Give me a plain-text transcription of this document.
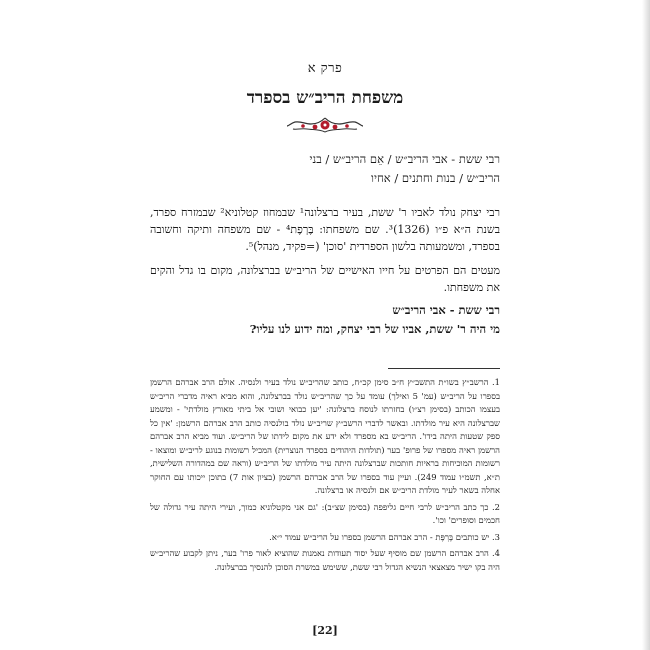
פרק א
משפחת הריב״ש בספרד
רבי ששת - אבי הריב״ש / אֵם הריב״ש / בני
הריב״ש / בנות וחתנים / אחיו
רבי יצחק נולד לאביו ר' ששת, בעיר ברצלונה¹ שבמחוז קטלוניא² שבמזרח ספרד, בשנת ה״א פ״ו (1326)³. שם משפחתו: בֶּרְפֶת⁴ - שם משפחה ותיקה וחשובה בספרד, ומשמעותה בלשון הספרדית 'סוכן' (=פקיד, מנהל)⁵.
מעטים הם הפרטים על חייו האישיים של הריב״ש בברצלונה, מקום בו גדל והקים את משפחתו.
רבי ששת - אבי הריב״ש
מי היה ר' ששת, אביו של רבי יצחק, ומה ידוע לנו עליו?

1. הרשב״ץ בשו״ת התשב״ץ ח״ב סימן קכ״ח, כותב שהריב״ש נולד בעיר ולנסיה. אולם הרב אברהם הרשמן בספרו על הריב״ש (עמ' 5 ואילך) עומד על כך שהריב״ש נולד בברצלונה, והוא מביא ראיה מדברי הריב״ש בעצמו הכותב (בסימן רצ״ו) בחזרתו לנוסח ברצלונה: 'יען כבואי ושובי אל ביתי מאורץ מולדתי' - ומשמע שברצלונה היא עיר מולדתו. ובאשר לדברי הרשב״ץ שריב״ש נולד בולנסיה כותב הרב אברהם הרשמן: 'אין כל ספק שטעות היתה בידו'. הריב״ש בא מספרד ולא ידע את מקום לידתו של הריב״ש. ועוד מביא הרב אברהם הרשמן ראיה מספרו של פרופ' בער (תולדות היהודים בספרד הנוצרית) המכיל רשומות בנוגע לריב״ש ומוצאו - רשומות המוכיחות בראיות חותכות שברצלונה היתה עיר מולדתו של הריב״ש (וראה שם במהדורה השלישית, ת״א, תשמ״ו עמוד 249). ועיין עוד בספרו של הרב אברהם הרשמן (בציון אות 7) בתוכן ייכותו עם החוקר אחלה בשאר לעיר מולדת הריב״ש אם ולנסיה או ברצלונה.

2. כך כתב הריב״ש לרבי חיים גליפפה (בסימן שצ״ב): 'גם אני מקטלוניא כמוך, ועירי היתה עיר גדולה של חכמים וסופרים' וכו'.

3. יש כותבים בֶּרְפֶּת - הרב אברהם הרשמן בספרו על הריב״ש עמוד י״א.

4. הרב אברהם הרשמן שם מוסיף שעל יסוד תעודות נאמנות שהוציא לאור פרו' בער, ניתן לקבוע שהריב״ש היה בקו ישיר מצאצאי הנשיא הגדול רבי ששת, ששימש במשרת הסוכן להנסיך בברצלונה.

[22]
